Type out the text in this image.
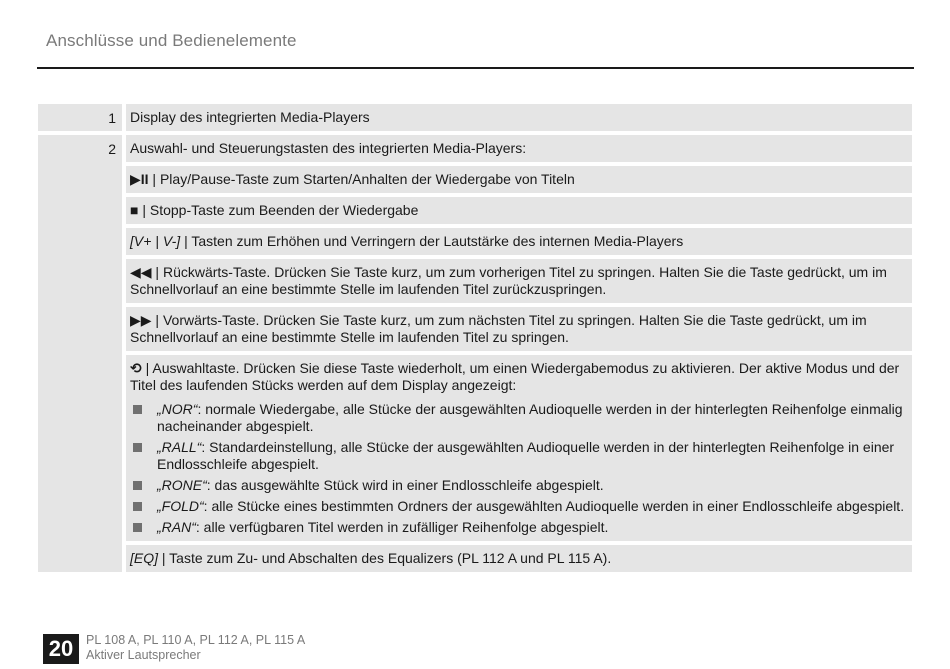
Anschlüsse und Bedienelemente
1	Display des integrierten Media-Players
2	Auswahl- und Steuerungstasten des integrierten Media-Players:
▶II | Play/Pause-Taste zum Starten/Anhalten der Wiedergabe von Titeln
■ | Stopp-Taste zum Beenden der Wiedergabe
[V+ | V-] | Tasten zum Erhöhen und Verringern der Lautstärke des internen Media-Players
◀◀ | Rückwärts-Taste. Drücken Sie Taste kurz, um zum vorherigen Titel zu springen. Halten Sie die Taste gedrückt, um im Schnellvorlauf an eine bestimmte Stelle im laufenden Titel zurückzuspringen.
▶▶ | Vorwärts-Taste. Drücken Sie Taste kurz, um zum nächsten Titel zu springen. Halten Sie die Taste gedrückt, um im Schnellvorlauf an eine bestimmte Stelle im laufenden Titel zu springen.
⟲ | Auswahltaste. Drücken Sie diese Taste wiederholt, um einen Wiedergabemodus zu aktivieren. Der aktive Modus und der Titel des laufenden Stücks werden auf dem Display angezeigt:
„NOR“: normale Wiedergabe, alle Stücke der ausgewählten Audioquelle werden in der hinterlegten Reihenfolge einmalig nacheinander abgespielt.
„RALL“: Standardeinstellung, alle Stücke der ausgewählten Audioquelle werden in der hinterlegten Reihenfolge in einer Endlosschleife abgespielt.
„RONE“: das ausgewählte Stück wird in einer Endlosschleife abgespielt.
„FOLD“: alle Stücke eines bestimmten Ordners der ausgewählten Audioquelle werden in einer Endlosschleife abgespielt.
„RAN“: alle verfügbaren Titel werden in zufälliger Reihenfolge abgespielt.
[EQ] | Taste zum Zu- und Abschalten des Equalizers (PL 112 A und PL 115 A).
20	PL 108 A, PL 110 A, PL 112 A, PL 115 A
Aktiver Lautsprecher
